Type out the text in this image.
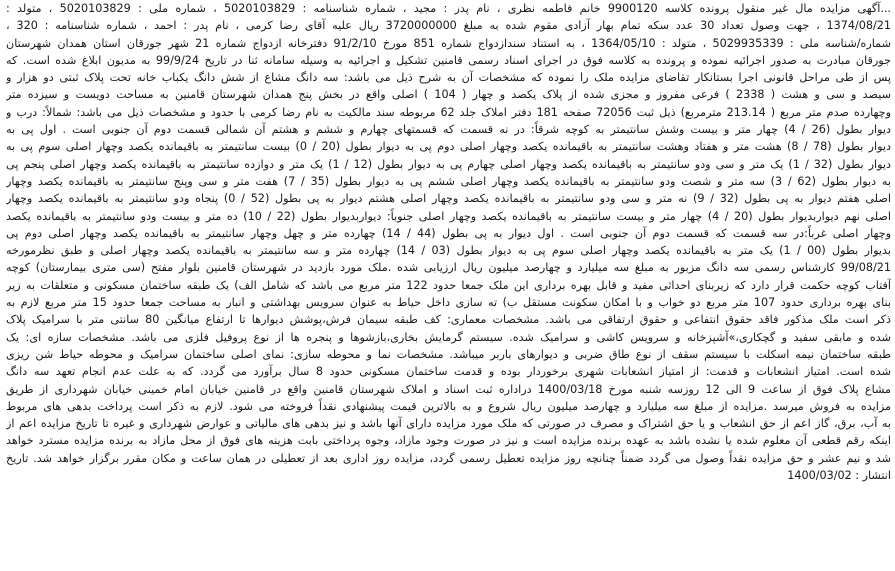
...آگهی مزایده مال غیر منقول پرونده کلاسه 9900120 خانم فاطمه نظری ، نام پدر : مجید ، شماره شناسنامه : 5020103829 ، شماره ملی : 5020103829 ، متولد :
1374/08/21 ، جهت وصول تعداد 30 عدد سکه تمام بهار آزادی مقوم شده به مبلغ 3720000000 ریال علیه آقای رضا کرمی ، نام پدر : احمد ، شماره شناسنامه : 320 ،
شماره/شناسه ملی : 5029935339 ، متولد : 1364/05/10 ، به استناد سندازدواج شماره 851 مورخ 91/2/10 دفترخانه ازدواج شماره 21 شهر جورقان استان همدان شهرستان
جورقان مبادرت به صدور اجرائیه نموده و پرونده به کلاسه فوق در اجرای اسناد رسمی قامنین تشکیل و اجرائیه به وسیله سامانه ثنا در تاریخ 99/9/24 به مدیون ابلاغ شده است. که
پس از طی مراحل قانونی اجرا بستانکار تقاضای مزایده ملک را نموده که مشخصات آن به شرح ذیل می باشد: سه دانگ مشاع از شش دانگ یکباب خانه تحت پلاک ثبتی دو هزار و
سیصد و سی و هشت ( 2338 ) فرعی مفروز و مجزی شده از پلاک یکصد و چهار ( 104 ) اصلی واقع در بخش پنج همدان شهرستان قامنین به مساحت دویست و سیزده متر
وچهارده صدم متر مربع ( 213.14 مترمربع) ذیل ثبت 72056 صفحه 181 دفتر املاک جلد 62 مربوطه سند مالکیت به نام رضا کرمی با حدود و مشخصات ذیل می باشد: شمالاً: درب و
دیوار بطول (26 / 4) چهار متر و بیست وشش سانتیمتر به کوچه شرقاً: در نه قسمت که قسمتهای چهارم و ششم و هشتم آن شمالی قسمت دوم آن جنوبی است . اول پی به
دیوار بطول (78 / 8) هشت متر و هفتاد وهشت سانتیمتر به باقیمانده یکصد وچهار اصلی دوم پی به دیوار بطول (20 / 0) بیست سانتیمتر به باقیمانده یکصد وچهار اصلی سوم پی به
دیوار بطول (32 / 1) یک متر و سی ودو سانتیمتر به باقیمانده یکصد وچهار اصلی چهارم پی به دیوار بطول (12 / 1) یک متر و دوازده سانتیمتر به باقیمانده یکصد وچهار اصلی پنجم پی
به دیوار بطول (62 / 3) سه متر و شصت ودو سانتیمتر به باقیمانده یکصد وچهار اصلی ششم پی به دیوار بطول (35 / 7) هفت متر و سی وپنج سانتیمتر به باقیمانده یکصد وچهار
اصلی هفتم دیوار به پی بطول (32 / 9) نه متر و سی ودو سانتیمتر به باقیمانده یکصد وچهار اصلی هشتم دیوار به پی بطول (52 / 0) پنجاه ودو سانتیمتر به باقیمانده یکصد وچهار
اصلی نهم دیواربدیوار بطول (20 / 4) چهار متر و بیست سانتیمتر به باقیمانده یکصد وچهار اصلی جنوباً: دیواربدیوار بطول (22 / 10) ده متر و بیست ودو سانتیمتر به باقیمانده یکصد
وچهار اصلی غرباً:در سه قسمت که قسمت دوم آن جنوبی است . اول دیوار به پی بطول (44 / 14) چهارده متر و چهل وچهار سانتیمتر به باقیمانده یکصد وچهار اصلی دوم پی
بدیوار بطول (00 / 1) یک متر به باقیمانده یکصد وچهار اصلی سوم پی به دیوار بطول (03 / 14) چهارده متر و سه سانتیمتر به باقیمانده یکصد وچهار اصلی و طبق نظرمورخه
99/08/21 کارشناس رسمی سه دانگ مزبور به مبلغ سه میلیارد و چهارصد میلیون ریال ارزیابی شده .ملک مورد بازدید در شهرستان قامنین بلوار مفتح (سی متری بیمارستان) کوچه
آفتاب کوچه حکمت قرار دارد که زیربنای احداثی مفید و قابل بهره برداری این ملک جمعا حدود 122 متر مربع می باشد که شامل الف) یک طبقه ساختمان مسکونی و متعلقات به زیر
بنای بهره برداری حدود 107 متر مربع دو خواب و با امکان سکونت مستقل ب) ته سازی داخل حیاط به عنوان سرویس بهداشتی و انبار به مساحت جمعا حدود 15 متر مربع لازم به
ذکر است ملک مذکور فاقد حقوق انتفاعی و حقوق ارتفاقی می باشد. مشخصات معماری: کف طبقه سیمان فرش،پوشش دیوارها تا ارتفاع میانگین 80 سانتی متر با سرامیک پلاک
شده و مابقی سفید و گچکاری،»آشپزخانه و سرویس کاشی و سرامیک شده. سیستم گرمایش بخاری،بازشوها و پنجره ها از نوع پروفیل فلزی می باشد. مشخصات سازه ای: یک
طبقه ساختمان نیمه اسکلت با سیستم سقف از نوع طاق ضربی و دیوارهای باربر میباشد. مشخصات نما و محوطه سازی: نمای اصلی ساختمان سرامیک و محوطه حیاط شن ریزی
شده است. امتیاز انشعابات و قدمت: از امتیاز انشعابات شهری برخوردار بوده و قدمت ساختمان مسکونی حدود 8 سال برآورد می گردد. که به علت عدم انجام تعهد سه دانگ
مشاع پلاک فوق از ساعت 9 الی 12 روزسه شنبه مورخ 1400/03/18 دراداره ثبت اسناد و املاک شهرستان قامنین واقع در قامنین خیابان امام خمینی خیابان شهرداری از طریق
مزایده به فروش میرسد .مزایده از مبلغ سه میلیارد و چهارصد میلیون ریال شروع و به بالاترین قیمت پیشنهادی نقداً فروخته می شود. لازم به ذکر است پرداخت بدهی های مربوط
به آب، برق، گاز اعم از حق انشعاب و یا حق اشتراک و مصرف در صورتی که ملک مورد مزایده دارای آنها باشد و نیز بدهی های مالیاتی و عوارض شهرداری و غیره تا تاریخ مزایده اعم از
اینکه رقم قطعی آن معلوم شده یا نشده باشد به عهده برنده مزایده است و نیز در صورت وجود مازاد، وجوه پرداختی بابت هزینه های فوق از محل مازاد به برنده مزایده مسترد خواهد
شد و نیم عشر و حق مزایده نقداً وصول می گردد ضمناً چنانچه روز مزایده تعطیل رسمی گردد، مزایده روز اداری بعد از تعطیلی در همان ساعت و مکان مقرر برگزار خواهد شد. تاریخ
انتشار : 1400/03/02
